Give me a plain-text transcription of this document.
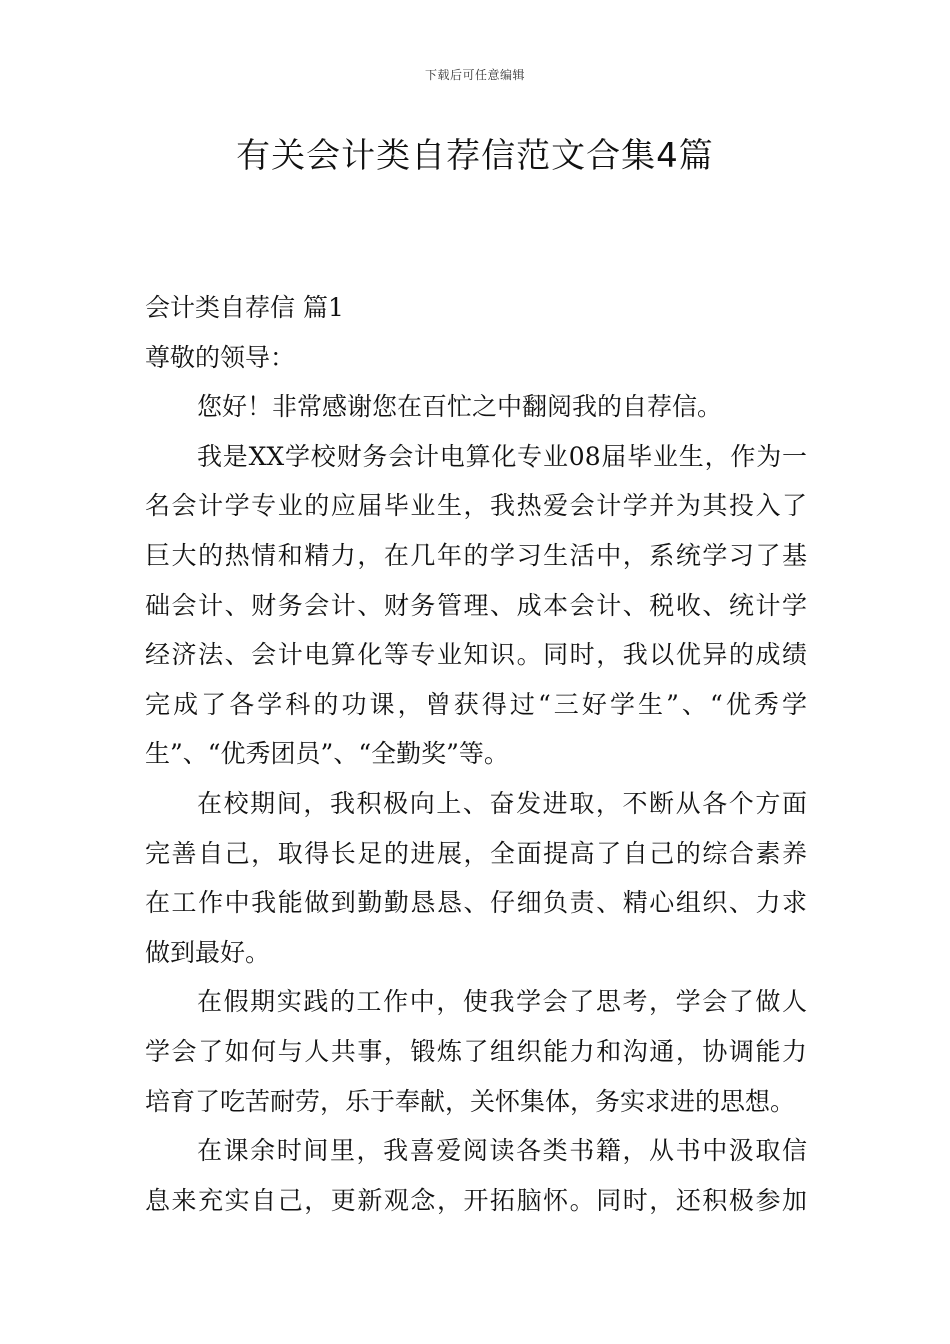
下载后可任意编辑
有关会计类自荐信范文合集4篇
会计类自荐信 篇1
尊敬的领导：
您好！非常感谢您在百忙之中翻阅我的自荐信。
我是XX学校财务会计电算化专业08届毕业生，作为一
名会计学专业的应届毕业生，我热爱会计学并为其投入了
巨大的热情和精力，在几年的学习生活中，系统学习了基
础会计、财务会计、财务管理、成本会计、税收、统计学
经济法、会计电算化等专业知识。同时，我以优异的成绩
完成了各学科的功课，曾获得过“三好学生”、“优秀学
生”、“优秀团员”、“全勤奖”等。
在校期间，我积极向上、奋发进取，不断从各个方面
完善自己，取得长足的进展，全面提高了自己的综合素养
在工作中我能做到勤勤恳恳、仔细负责、精心组织、力求
做到最好。
在假期实践的工作中，使我学会了思考，学会了做人
学会了如何与人共事，锻炼了组织能力和沟通，协调能力
培育了吃苦耐劳，乐于奉献，关怀集体，务实求进的思想。
在课余时间里，我喜爱阅读各类书籍，从书中汲取信
息来充实自己，更新观念，开拓脑怀。同时，还积极参加
